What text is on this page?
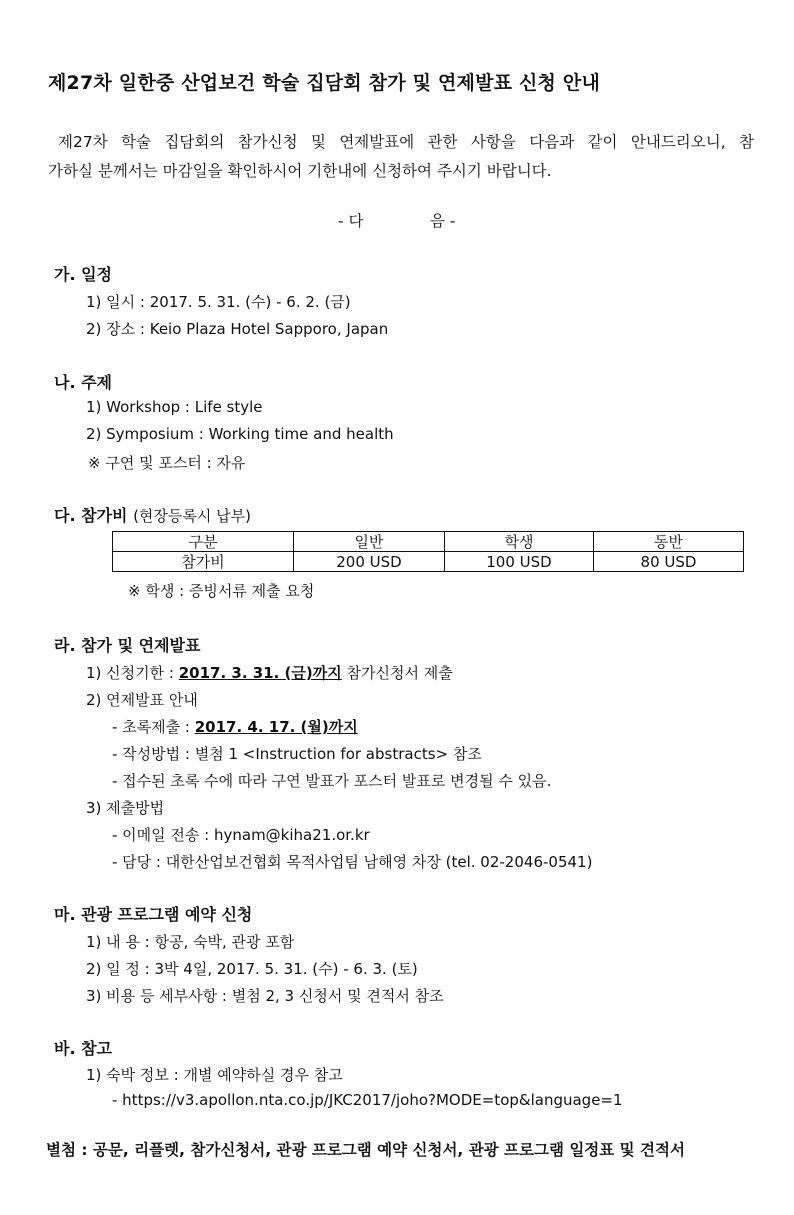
제27차 일한중 산업보건 학술 집담회 참가 및 연제발표 신청 안내
제27차 학술 집담회의 참가신청 및 연제발표에 관한 사항을 다음과 같이 안내드리오니, 참
가하실 분께서는 마감일을 확인하시어 기한내에 신청하여 주시기 바랍니다.
- 다	음 -
가. 일정
1) 일시 : 2017. 5. 31. (수) - 6. 2. (금)
2) 장소 : Keio Plaza Hotel Sapporo, Japan
나. 주제
1) Workshop : Life style
2) Symposium : Working time and health
※ 구연 및 포스터 : 자유
다. 참가비 (현장등록시 납부)
구분	일반	학생	동반
참가비	200 USD	100 USD	80 USD
※ 학생 : 증빙서류 제출 요청
라. 참가 및 연제발표
1) 신청기한 : 2017. 3. 31. (금)까지 참가신청서 제출
2) 연제발표 안내
- 초록제출 : 2017. 4. 17. (월)까지
- 작성방법 : 별첨 1 <Instruction for abstracts> 참조
- 접수된 초록 수에 따라 구연 발표가 포스터 발표로 변경될 수 있음.
3) 제출방법
- 이메일 전송 : hynam@kiha21.or.kr
- 담당 : 대한산업보건협회 목적사업팀 남해영 차장 (tel. 02-2046-0541)
마. 관광 프로그램 예약 신청
1) 내 용 : 항공, 숙박, 관광 포함
2) 일 정 : 3박 4일, 2017. 5. 31. (수) - 6. 3. (토)
3) 비용 등 세부사항 : 별첨 2, 3 신청서 및 견적서 참조
바. 참고
1) 숙박 정보 : 개별 예약하실 경우 참고
- https://v3.apollon.nta.co.jp/JKC2017/joho?MODE=top&language=1
별첨 : 공문, 리플렛, 참가신청서, 관광 프로그램 예약 신청서, 관광 프로그램 일정표 및 견적서
